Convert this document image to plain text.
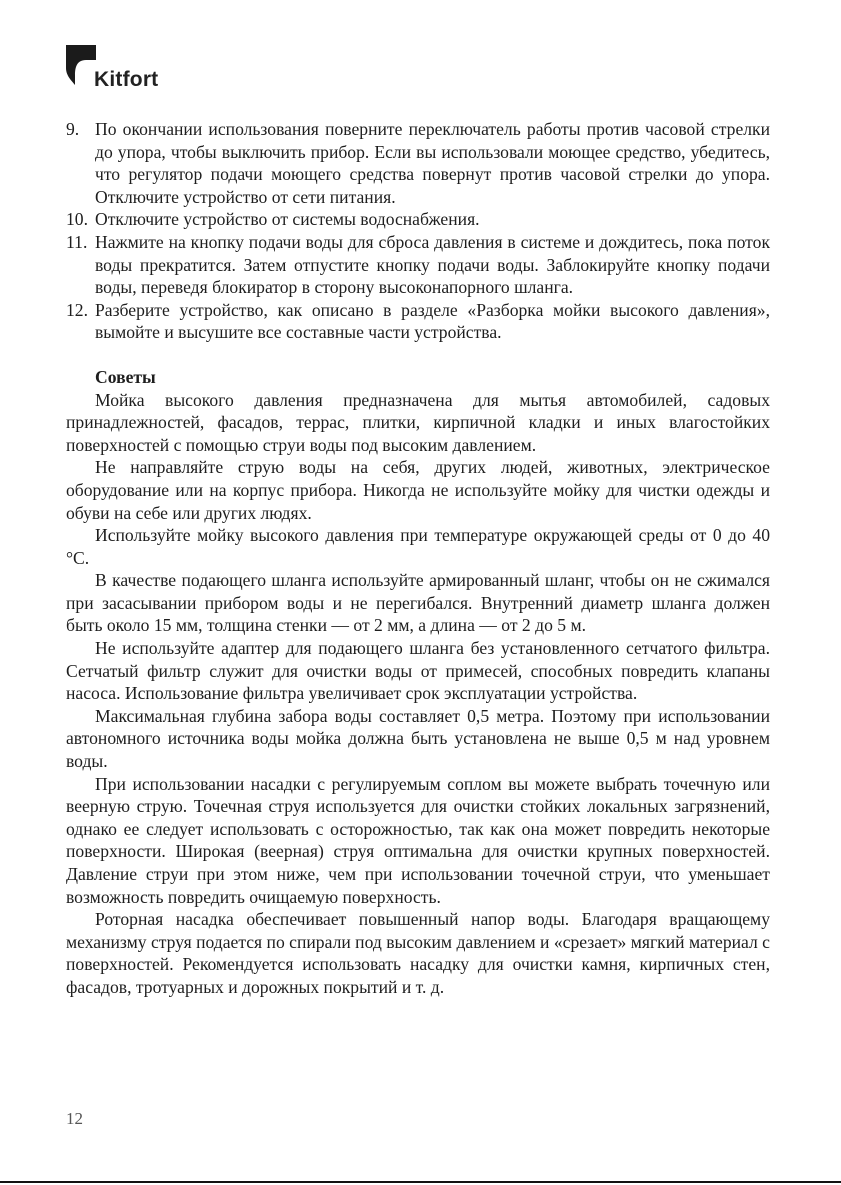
Kitfort
9. По окончании использования поверните переключатель работы против часовой стрелки до упора, чтобы выключить прибор. Если вы использовали моющее средство, убедитесь, что регулятор подачи моющего средства повернут против часовой стрелки до упора. Отключите устройство от сети питания.
10. Отключите устройство от системы водоснабжения.
11. Нажмите на кнопку подачи воды для сброса давления в системе и дождитесь, пока поток воды прекратится. Затем отпустите кнопку подачи воды. Заблокируйте кнопку подачи воды, переведя блокиратор в сторону высоконапорного шланга.
12. Разберите устройство, как описано в разделе «Разборка мойки высокого давления», вымойте и высушите все составные части устройства.
Советы

Мойка высокого давления предназначена для мытья автомобилей, садовых принадлежностей, фасадов, террас, плитки, кирпичной кладки и иных влагостойких поверхностей с помощью струи воды под высоким давлением.

Не направляйте струю воды на себя, других людей, животных, электрическое оборудование или на корпус прибора. Никогда не используйте мойку для чистки одежды и обуви на себе или других людях.

Используйте мойку высокого давления при температуре окружающей среды от 0 до 40 °С.

В качестве подающего шланга используйте армированный шланг, чтобы он не сжимался при засасывании прибором воды и не перегибался. Внутренний диаметр шланга должен быть около 15 мм, толщина стенки — от 2 мм, а длина — от 2 до 5 м.

Не используйте адаптер для подающего шланга без установленного сетчатого фильтра. Сетчатый фильтр служит для очистки воды от примесей, способных повредить клапаны насоса. Использование фильтра увеличивает срок эксплуатации устройства.

Максимальная глубина забора воды составляет 0,5 метра. Поэтому при использовании автономного источника воды мойка должна быть установлена не выше 0,5 м над уровнем воды.

При использовании насадки с регулируемым соплом вы можете выбрать точечную или веерную струю. Точечная струя используется для очистки стойких локальных загрязнений, однако ее следует использовать с осторожностью, так как она может повредить некоторые поверхности. Широкая (веерная) струя оптимальна для очистки крупных поверхностей. Давление струи при этом ниже, чем при использовании точечной струи, что уменьшает возможность повредить очищаемую поверхность.

Роторная насадка обеспечивает повышенный напор воды. Благодаря вращающему механизму струя подается по спирали под высоким давлением и «срезает» мягкий материал с поверхностей. Рекомендуется использовать насадку для очистки камня, кирпичных стен, фасадов, тротуарных и дорожных покрытий и т. д.

12
